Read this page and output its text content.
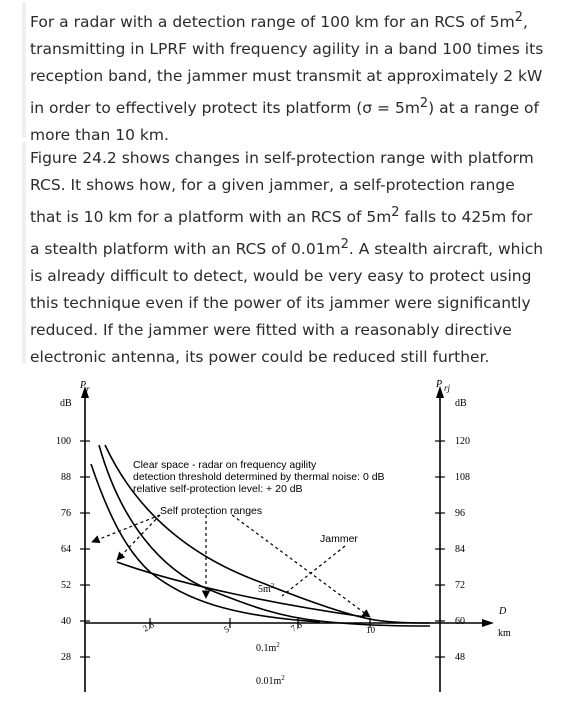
For a radar with a detection range of 100 km for an RCS of $5m^2$, transmitting in LPRF with frequency agility in a band 100 times its reception band, the jammer must transmit at approximately 2 kW in order to effectively protect its platform $(\sigma = 5m^2)$ at a range of more than 10 km.

Figure 24.2 shows changes in self-protection range with platform RCS. It shows how, for a given jammer, a self-protection range that is 10 km for a platform with an RCS of $5m^2$ falls to 425m for a stealth platform with an RCS of $0.01m^2$. A stealth aircraft, which is already difficult to detect, would be very easy to protect using this technique even if the power of its jammer were significantly reduced. If the jammer were fitted with a reasonably directive electronic antenna, its power could be reduced still further.

P r
dB
P rj
dB
D
km
100
88
76
64
52
40
28
120
108
96
84
72
60
48
2.5	5	7.5	10
Clear space - radar on frequency agility
detection threshold determined by thermal noise: 0 dB
relative self-protection level: + 20 dB
Self protection ranges
Jammer
$5m^2$
$0.1m^2$
$0.01m^2$
